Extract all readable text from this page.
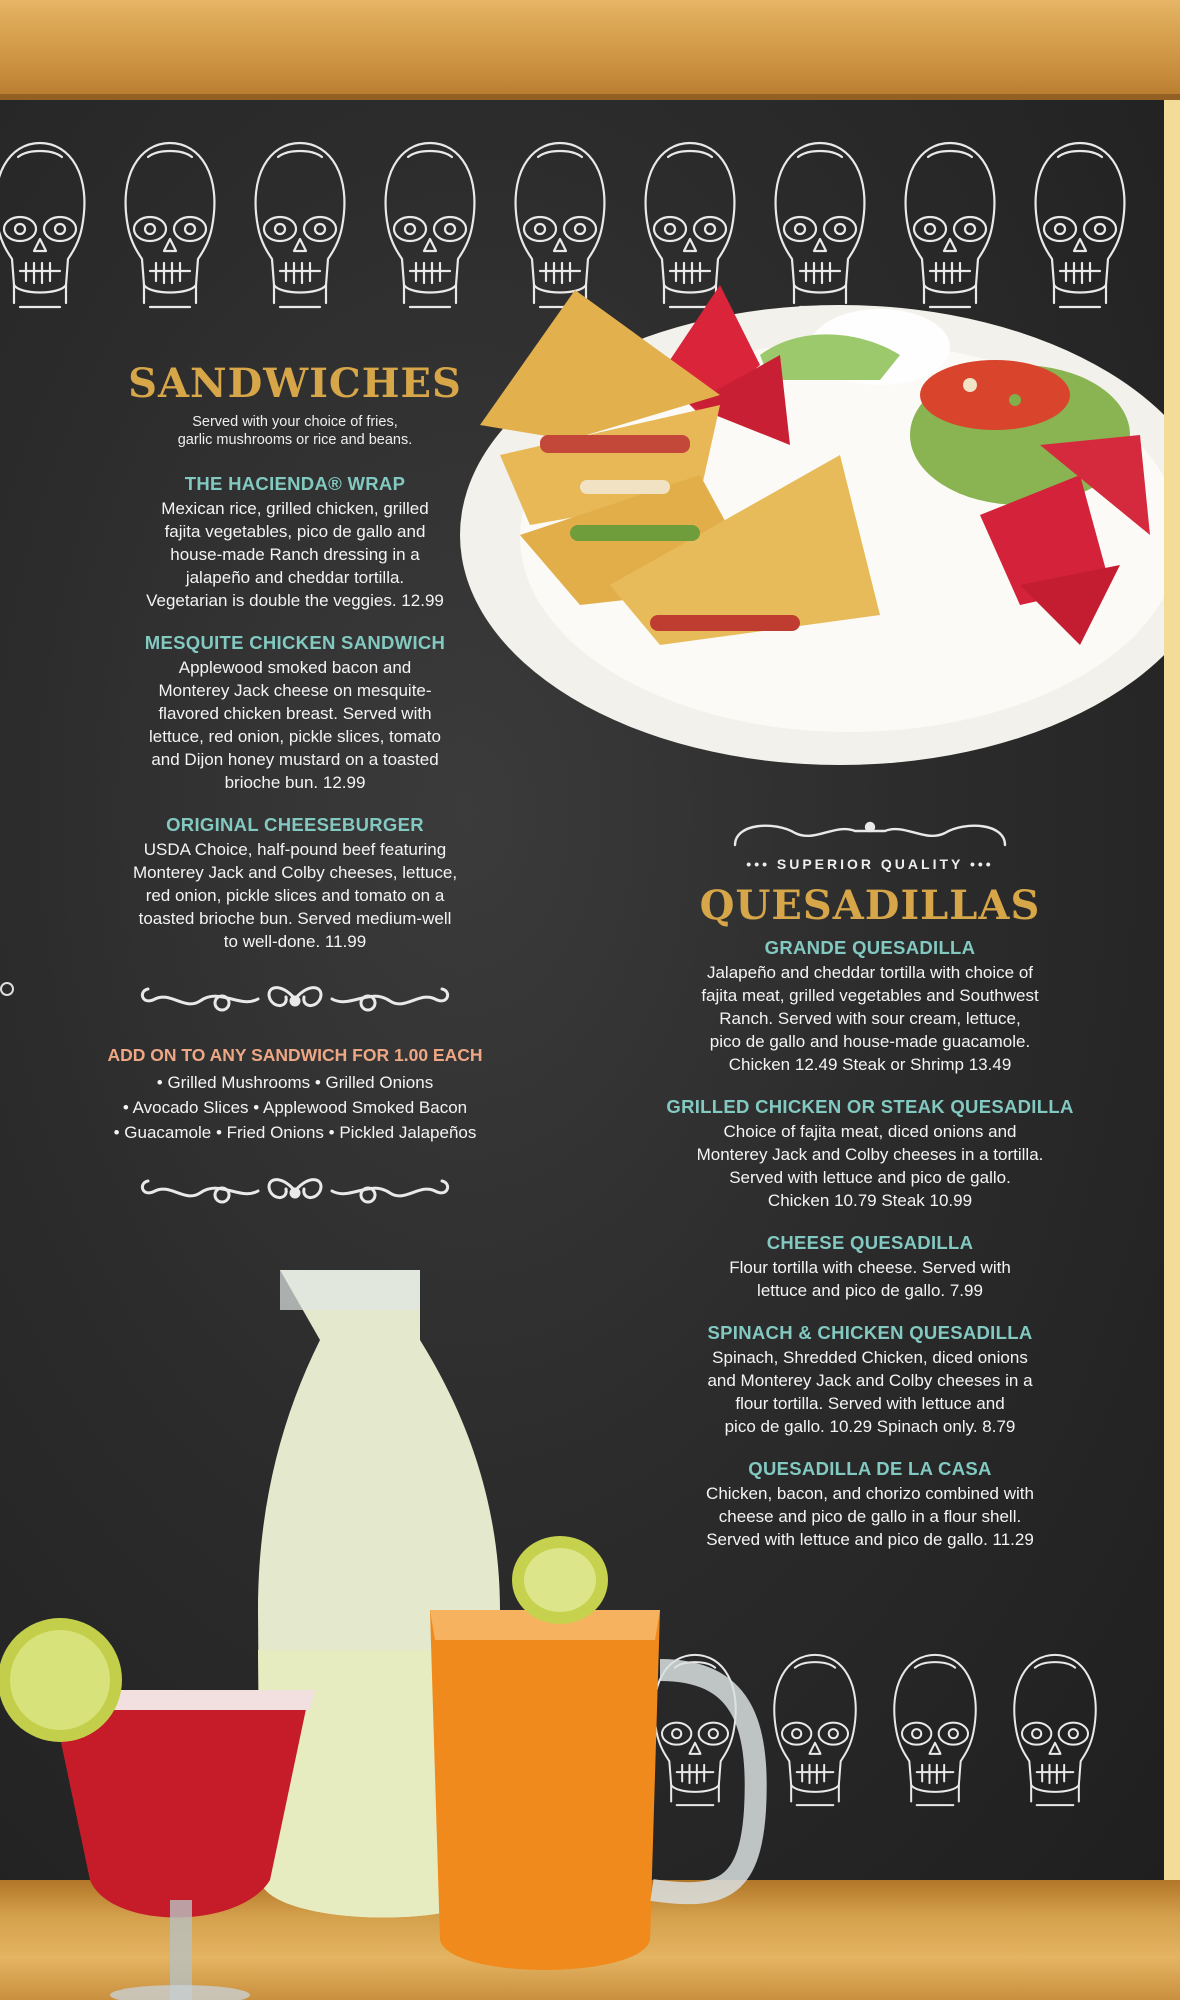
SANDWICHES

Served with your choice of fries,
garlic mushrooms or rice and beans.

THE HACIENDA® WRAP

Mexican rice, grilled chicken, grilled
fajita vegetables, pico de gallo and
house-made Ranch dressing in a
jalapeño and cheddar tortilla.
Vegetarian is double the veggies. 12.99

MESQUITE CHICKEN SANDWICH

Applewood smoked bacon and
Monterey Jack cheese on mesquite-
flavored chicken breast. Served with
lettuce, red onion, pickle slices, tomato
and Dijon honey mustard on a toasted
brioche bun. 12.99

ORIGINAL CHEESEBURGER

USDA Choice, half-pound beef featuring
Monterey Jack and Colby cheeses, lettuce,
red onion, pickle slices and tomato on a
toasted brioche bun. Served medium-well
to well-done. 11.99

ADD ON TO ANY SANDWICH FOR 1.00 EACH

• Grilled Mushrooms • Grilled Onions

• Avocado Slices • Applewood Smoked Bacon

• Guacamole • Fried Onions • Pickled Jalapeños

••• SUPERIOR QUALITY •••

QUESADILLAS
GRANDE QUESADILLA

Jalapeño and cheddar tortilla with choice of
fajita meat, grilled vegetables and Southwest
Ranch. Served with sour cream, lettuce,
pico de gallo and house-made guacamole.
Chicken 12.49 Steak or Shrimp 13.49

GRILLED CHICKEN OR STEAK QUESADILLA

Choice of fajita meat, diced onions and
Monterey Jack and Colby cheeses in a tortilla.
Served with lettuce and pico de gallo.
Chicken 10.79 Steak 10.99

CHEESE QUESADILLA

Flour tortilla with cheese. Served with
lettuce and pico de gallo. 7.99

SPINACH & CHICKEN QUESADILLA

Spinach, Shredded Chicken, diced onions
and Monterey Jack and Colby cheeses in a
flour tortilla. Served with lettuce and
pico de gallo. 10.29 Spinach only. 8.79

QUESADILLA DE LA CASA

Chicken, bacon, and chorizo combined with
cheese and pico de gallo in a flour shell.
Served with lettuce and pico de gallo. 11.29
